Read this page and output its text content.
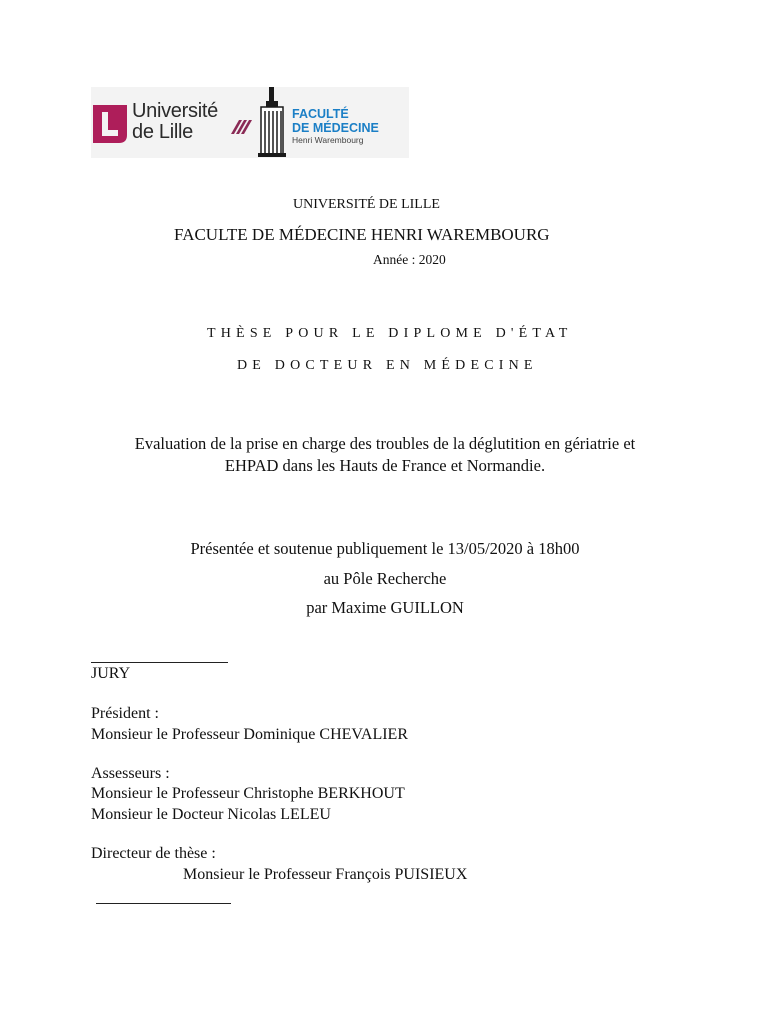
Université
de Lille
FACULTÉ
DE MÉDECINE
Henri Warembourg
UNIVERSITÉ DE LILLE
FACULTE DE MÉDECINE HENRI WAREMBOURG
Année : 2020
THÈSE POUR LE DIPLOME D'ÉTAT
DE DOCTEUR EN MÉDECINE
Evaluation de la prise en charge des troubles de la déglutition en gériatrie et
EHPAD dans les Hauts de France et Normandie.
Présentée et soutenue publiquement le 13/05/2020 à 18h00
au Pôle Recherche
par Maxime GUILLON
JURY
Président :
Monsieur le Professeur Dominique CHEVALIER
Assesseurs :
Monsieur le Professeur Christophe BERKHOUT
Monsieur le Docteur Nicolas LELEU
Directeur de thèse :
Monsieur le Professeur François PUISIEUX
